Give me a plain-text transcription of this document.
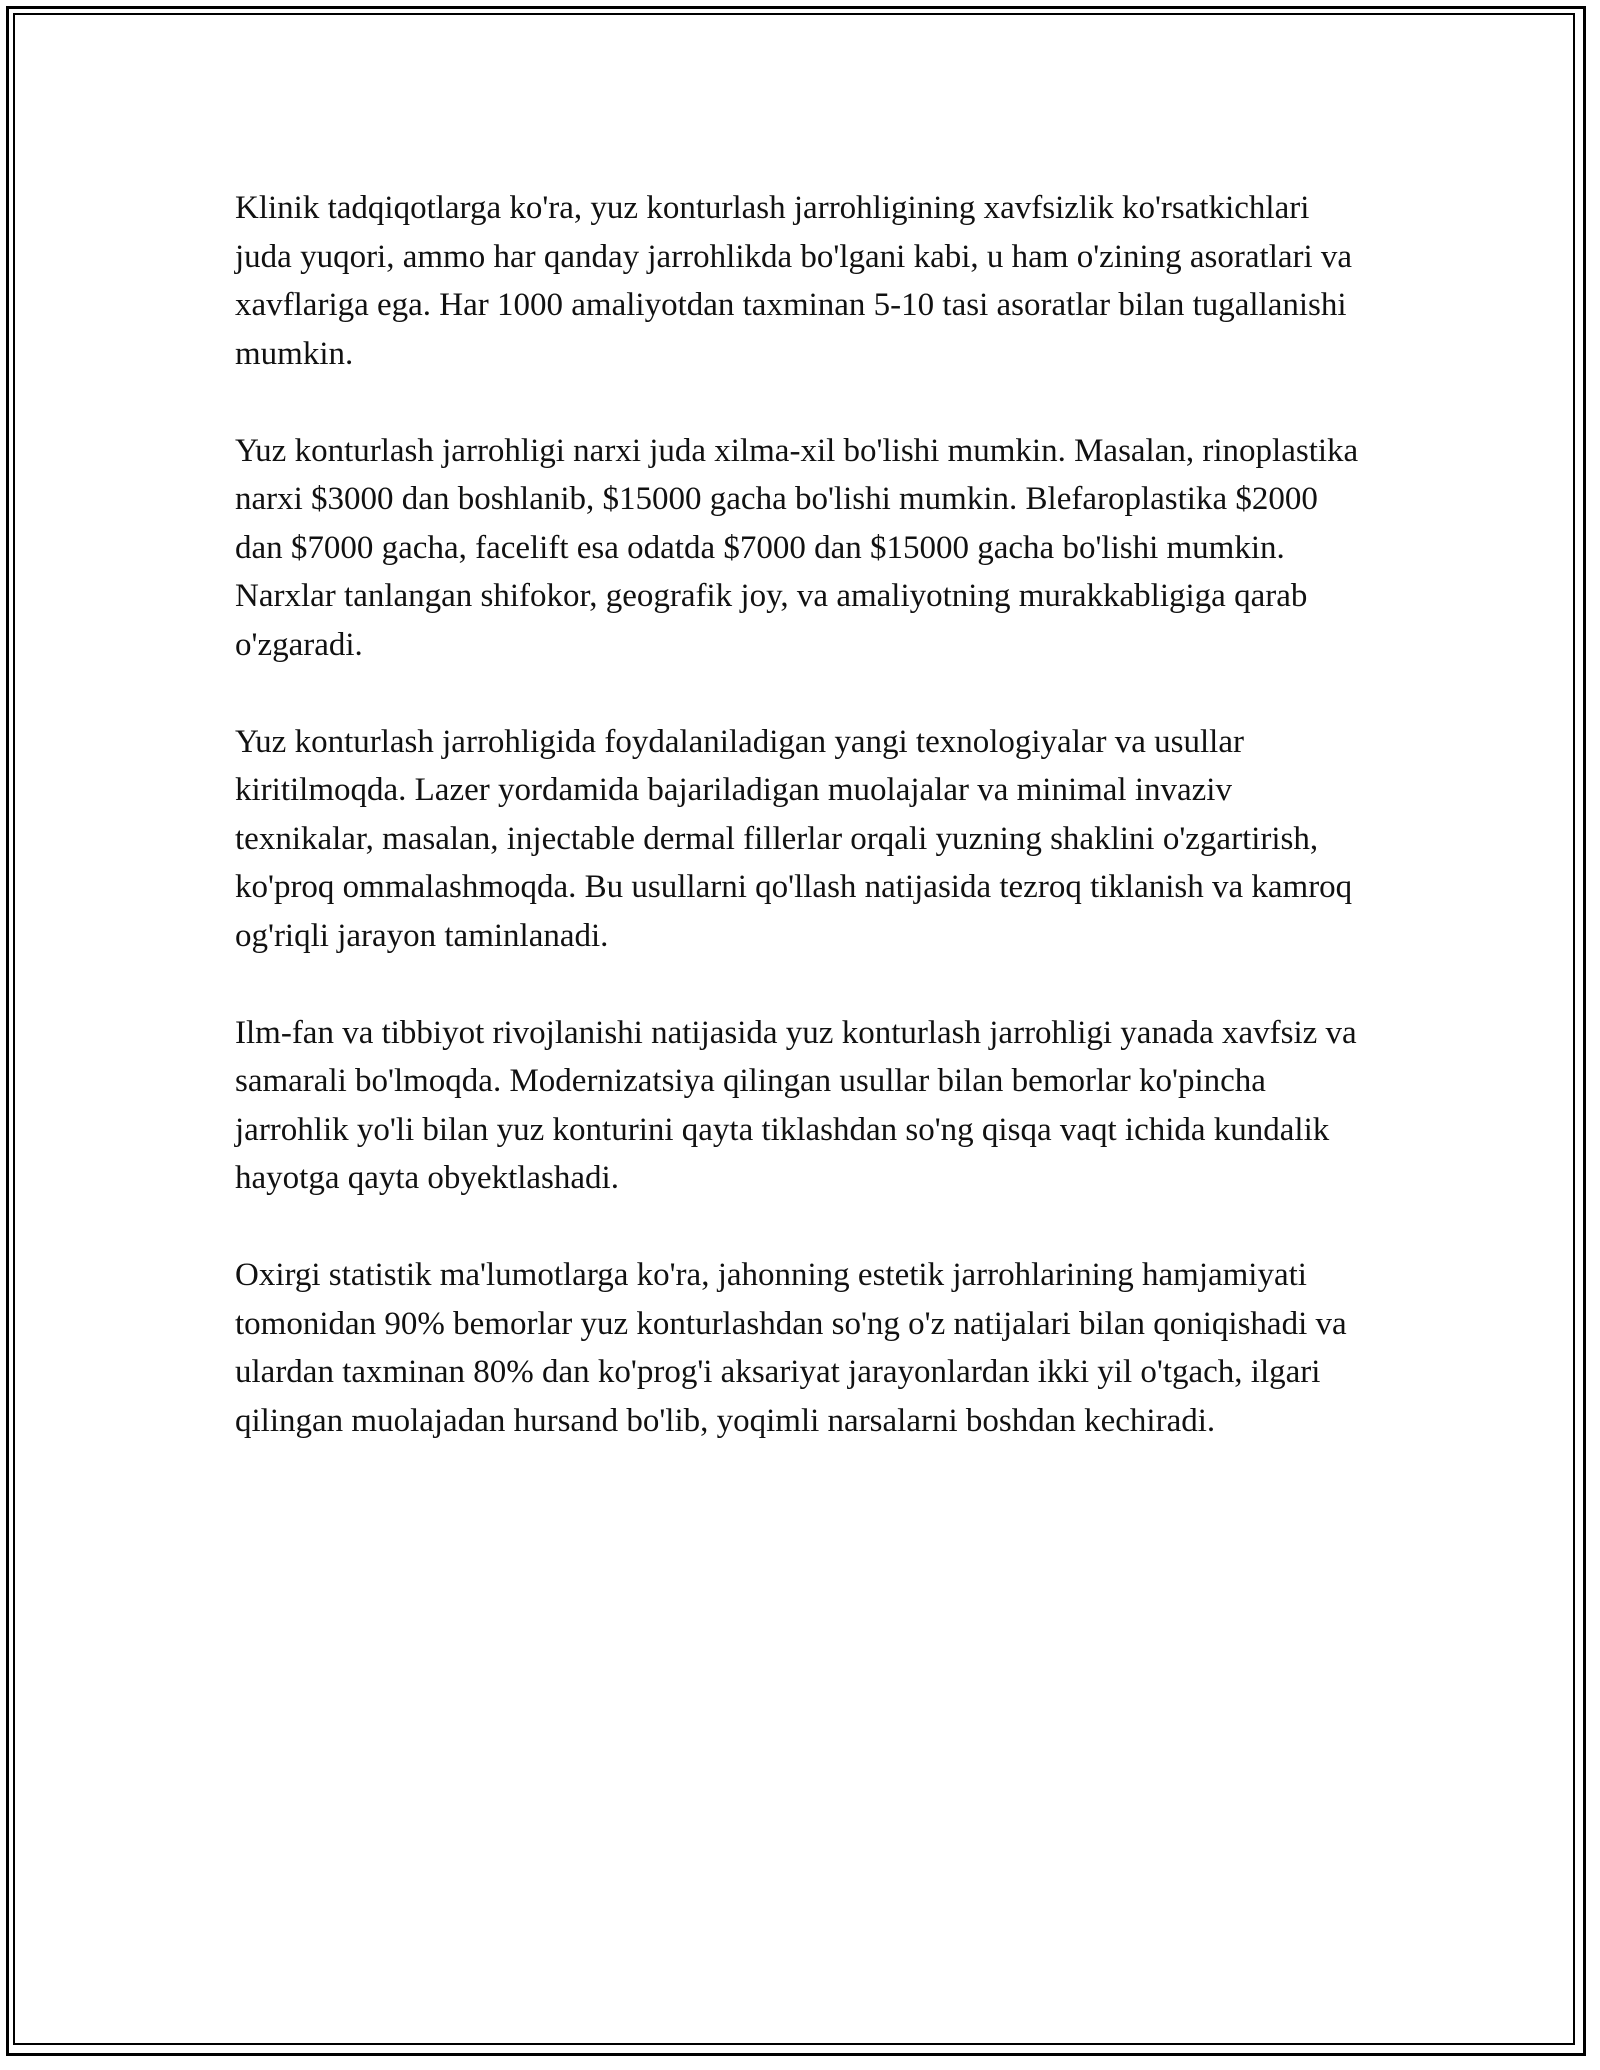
Klinik tadqiqotlarga ko'ra, yuz konturlash jarrohligining xavfsizlik ko'rsatkichlari juda yuqori, ammo har qanday jarrohlikda bo'lgani kabi, u ham o'zining asoratlari va xavflariga ega. Har 1000 amaliyotdan taxminan 5-10 tasi asoratlar bilan tugallanishi mumkin.

Yuz konturlash jarrohligi narxi juda xilma-xil bo'lishi mumkin. Masalan, rinoplastika narxi $3000 dan boshlanib, $15000 gacha bo'lishi mumkin. Blefaroplastika $2000 dan $7000 gacha, facelift esa odatda $7000 dan $15000 gacha bo'lishi mumkin. Narxlar tanlangan shifokor, geografik joy, va amaliyotning murakkabligiga qarab o'zgaradi.

Yuz konturlash jarrohligida foydalaniladigan yangi texnologiyalar va usullar kiritilmoqda. Lazer yordamida bajariladigan muolajalar va minimal invaziv texnikalar, masalan, injectable dermal fillerlar orqali yuzning shaklini o'zgartirish, ko'proq ommalashmoqda. Bu usullarni qo'llash natijasida tezroq tiklanish va kamroq og'riqli jarayon taminlanadi.

Ilm-fan va tibbiyot rivojlanishi natijasida yuz konturlash jarrohligi yanada xavfsiz va samarali bo'lmoqda. Modernizatsiya qilingan usullar bilan bemorlar ko'pincha jarrohlik yo'li bilan yuz konturini qayta tiklashdan so'ng qisqa vaqt ichida kundalik hayotga qayta obyektlashadi.

Oxirgi statistik ma'lumotlarga ko'ra, jahonning estetik jarrohlarining hamjamiyati tomonidan 90% bemorlar yuz konturlashdan so'ng o'z natijalari bilan qoniqishadi va ulardan taxminan 80% dan ko'prog'i aksariyat jarayonlardan ikki yil o'tgach, ilgari qilingan muolajadan hursand bo'lib, yoqimli narsalarni boshdan kechiradi.
